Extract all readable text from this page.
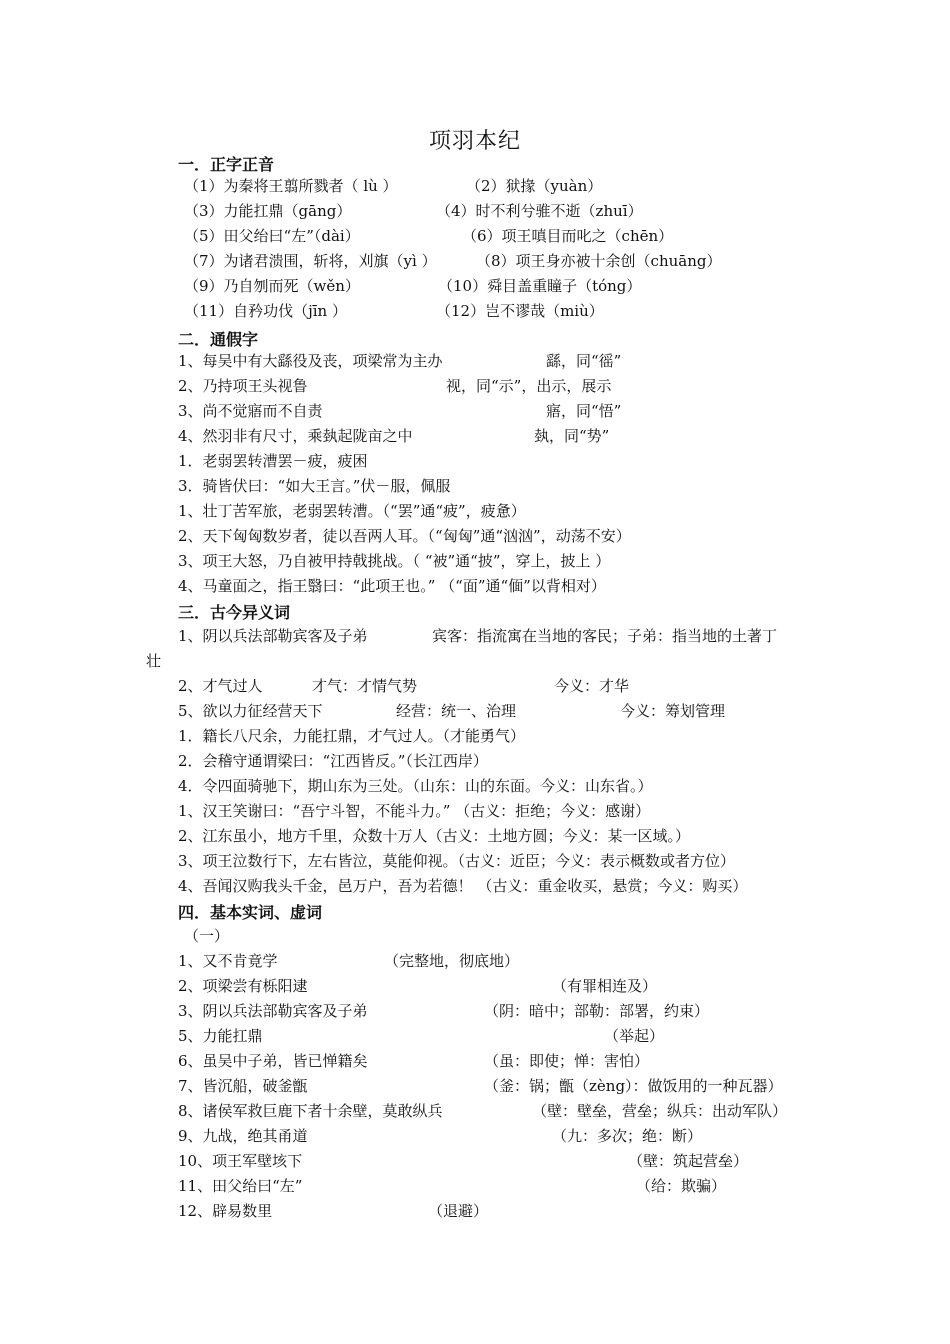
项羽本纪
一．正字正音
（1）为秦将王翦所戮者（ lù ）	（2）狱掾（yuàn）
（3）力能扛鼎（gāng）	（4）时不利兮骓不逝（zhuī）
（5）田父绐曰“左”（dài）	（6）项王嗔目而叱之（chēn）
（7）为诸君溃围，斩将，刈旗（yì ）	（8）项王身亦被十余创（chuāng）
（9）乃自刎而死（wěn）	（10）舜目盖重瞳子（tóng）
（11）自矜功伐（jīn ）	（12）岂不谬哉（miù）
二．通假字
1、每吴中有大繇役及丧，项梁常为主办	繇，同“徭”
2、乃持项王头视鲁	视，同“示”，出示，展示
3、尚不觉寤而不自责	寤，同“悟”
4、然羽非有尺寸，乘埶起陇亩之中	埶，同“势”
1．老弱罢转漕罢－疲，疲困
3．骑皆伏曰：“如大王言。”伏－服，佩服
1、壮丁苦军旅，老弱罢转漕。（“罢”通“疲”，疲惫）
2、天下匈匈数岁者，徒以吾两人耳。（“匈匈”通“汹汹”，动荡不安）
3、项王大怒，乃自被甲持戟挑战。（ “被”通“披”，穿上，披上 ）
4、马童面之，指王翳曰：“此项王也。” （“面”通“偭”以背相对）
三．古今异义词
1、阴以兵法部勒宾客及子弟	宾客：指流寓在当地的客民；子弟：指当地的土著丁
壮
2、才气过人	才气：才情气势	今义：才华
5、欲以力征经营天下	经营：统一、治理	今义：筹划管理
1．籍长八尺余，力能扛鼎，才气过人。（才能勇气）
2．会稽守通谓梁曰：“江西皆反。”（长江西岸）
4．令四面骑驰下，期山东为三处。（山东：山的东面。今义：山东省。）
1、汉王笑谢曰：“吾宁斗智，不能斗力。” （古义：拒绝；今义：感谢）
2、江东虽小，地方千里，众数十万人（古义：土地方圆；今义：某一区域。）
3、项王泣数行下，左右皆泣，莫能仰视。（古义：近臣；今义：表示概数或者方位）
4、吾闻汉购我头千金，邑万户，吾为若德！ （古义：重金收买，悬赏；今义：购买）
四．基本实词、虚词
（一）
1、又不肯竟学	（完整地，彻底地）
2、项梁尝有栎阳逮	（有罪相连及）
3、阴以兵法部勒宾客及子弟	（阴：暗中；部勒：部署，约束）
5、力能扛鼎	（举起）
6、虽吴中子弟，皆已惮籍矣	（虽：即使；惮：害怕）
7、皆沉船，破釜甑	（釜：锅；甑（zèng）：做饭用的一种瓦器）
8、诸侯军救巨鹿下者十余壁，莫敢纵兵	（壁：壁垒，营垒；纵兵：出动军队）
9、九战，绝其甬道	（九：多次；绝：断）
10、项王军壁垓下	（壁：筑起营垒）
11、田父绐曰“左”	（给：欺骗）
12、辟易数里	（退避）
